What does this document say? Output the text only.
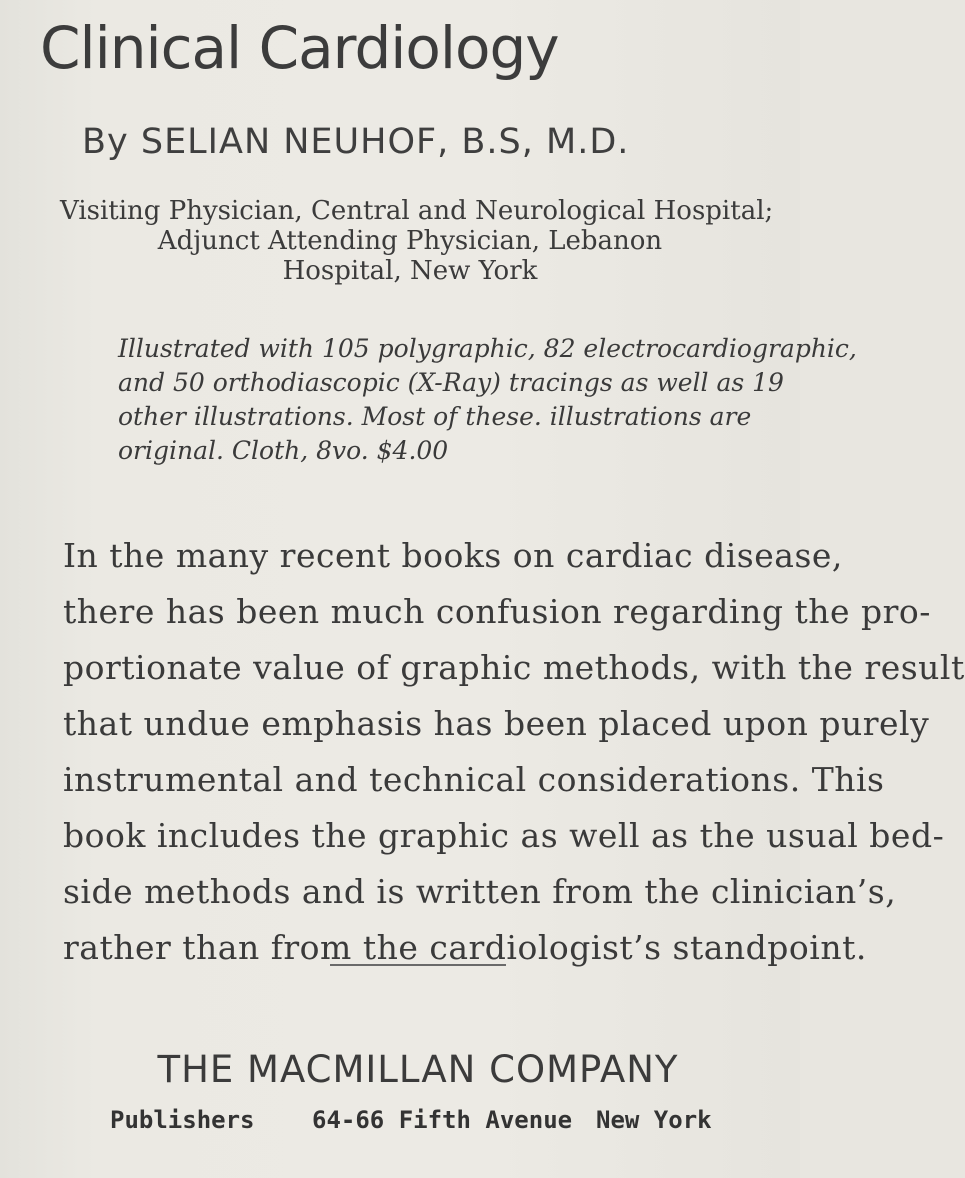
Clinical Cardiology
By SELIAN NEUHOF, B.S, M.D.
Visiting Physician, Central and Neurological Hospital;
Adjunct Attending Physician, Lebanon
Hospital, New York
Illustrated with 105 polygraphic, 82 electrocardiographic,
and 50 orthodiascopic (X-Ray) tracings as well as 19
other illustrations. Most of these. illustrations are
original. Cloth, 8vo. $4.00
In the many recent books on cardiac disease,
there has been much confusion regarding the pro-
portionate value of graphic methods, with the result
that undue emphasis has been placed upon purely
instrumental and technical considerations. This
book includes the graphic as well as the usual bed-
side methods and is written from the clinician’s,
rather than from the cardiologist’s standpoint.
THE MACMILLAN COMPANY
Publishers 64-66 Fifth Avenue New York
